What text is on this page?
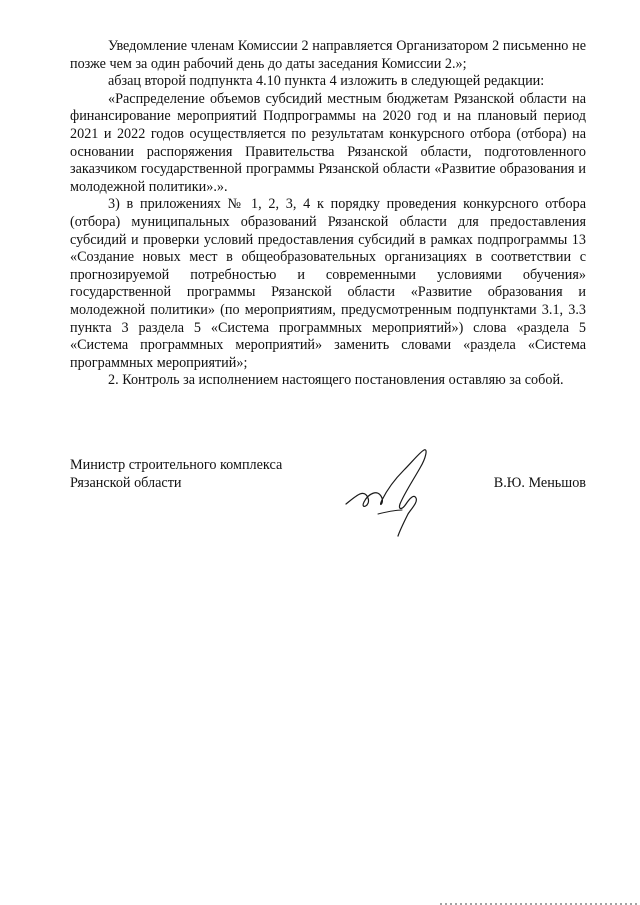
Уведомление членам Комиссии 2 направляется Организатором 2 письменно не позже чем за один рабочий день до даты заседания Комиссии 2.»;

абзац второй подпункта 4.10 пункта 4 изложить в следующей редакции:

«Распределение объемов субсидий местным бюджетам Рязанской области на финансирование мероприятий Подпрограммы на 2020 год и на плановый период 2021 и 2022 годов осуществляется по результатам конкурсного отбора (отбора) на основании распоряжения Правительства Рязанской области, подготовленного заказчиком государственной программы Рязанской области «Развитие образования и молодежной политики».».

3) в приложениях № 1, 2, 3, 4 к порядку проведения конкурсного отбора (отбора) муниципальных образований Рязанской области для предоставления субсидий и проверки условий предоставления субсидий в рамках подпрограммы 13 «Создание новых мест в общеобразовательных организациях в соответствии с прогнозируемой потребностью и современными условиями обучения» государственной программы Рязанской области «Развитие образования и молодежной политики» (по мероприятиям, предусмотренным подпунктами 3.1, 3.3 пункта 3 раздела 5 «Система программных мероприятий») слова «раздела 5 «Система программных мероприятий» заменить словами «раздела «Система программных мероприятий»;

2. Контроль за исполнением настоящего постановления оставляю за собой.

Министр строительного комплекса Рязанской области	В.Ю. Меньшов
